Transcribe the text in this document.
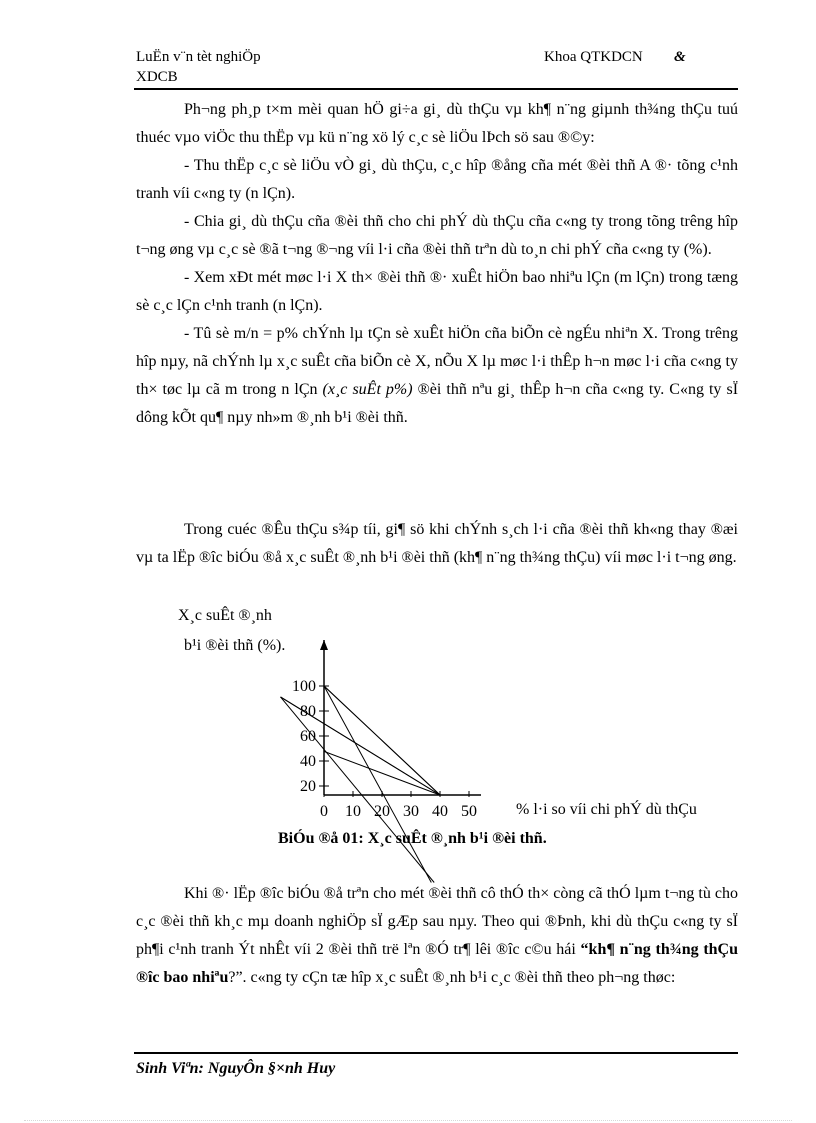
LuËn v¨n tèt nghiÖp	Khoa QTKDCN &
XDCB

Ph¬ng ph¸p t×m mèi quan hÖ gi÷a gi¸ dù thÇu vµ kh¶ n¨ng giµnh th¾ng thÇu tuú thuéc vµo viÖc thu thËp vµ kü n¨ng xö lý c¸c sè liÖu lÞch sö sau ®©y:

- Thu thËp c¸c sè liÖu vÒ gi¸ dù thÇu, c¸c hîp ®ång cña mét ®èi thñ A ®· tõng c¹nh tranh víi c«ng ty (n lÇn).

- Chia gi¸ dù thÇu cña ®èi thñ cho chi phÝ dù thÇu cña c«ng ty trong tõng trêng hîp t¬ng øng vµ c¸c sè ®ã t¬ng ®¬ng víi l·i cña ®èi thñ trªn dù to¸n chi phÝ cña c«ng ty (%).

- Xem xÐt mét møc l·i X th× ®èi thñ ®· xuÊt hiÖn bao nhiªu lÇn (m lÇn) trong tæng sè c¸c lÇn c¹nh tranh (n lÇn).

- Tû sè m/n = p% chÝnh lµ tÇn sè xuÊt hiÖn cña biÕn cè ngÉu nhiªn X. Trong trêng hîp nµy, nã chÝnh lµ x¸c suÊt cña biÕn cè X, nÕu X lµ møc l·i thÊp h¬n møc l·i cña c«ng ty th× tøc lµ cã m trong n lÇn (x¸c suÊt p%) ®èi thñ nªu gi¸ thÊp h¬n cña c«ng ty. C«ng ty sÏ dông kÕt qu¶ nµy nh»m ®¸nh b¹i ®èi thñ.

Trong cuéc ®Êu thÇu s¾p tíi, gi¶ sö khi chÝnh s¸ch l·i cña ®èi thñ kh«ng thay ®æi vµ ta lËp ®îc biÓu ®å x¸c suÊt ®¸nh b¹i ®èi thñ (kh¶ n¨ng th¾ng thÇu) víi møc l·i t¬ng øng.

X¸c suÊt ®¸nh
b¹i ®èi thñ (%).
20
40
60
80
100
0 10 20 30 40 50 % l·i so víi chi phÝ dù thÇu
BiÓu ®å 01: X¸c suÊt ®¸nh b¹i ®èi thñ.

Khi ®· lËp ®îc biÓu ®å trªn cho mét ®èi thñ cô thÓ th× còng cã thÓ lµm t¬ng tù cho c¸c ®èi thñ kh¸c mµ doanh nghiÖp sÏ gÆp sau nµy. Theo qui ®Þnh, khi dù thÇu c«ng ty sÏ ph¶i c¹nh tranh Ýt nhÊt víi 2 ®èi thñ trë lªn ®Ó tr¶ lêi ®îc c©u hái “kh¶ n¨ng th¾ng thÇu ®îc bao nhiªu?”. c«ng ty cÇn tæ hîp x¸c suÊt ®¸nh b¹i c¸c ®èi thñ theo ph¬ng thøc:

Sinh Viªn: NguyÔn §×nh Huy
